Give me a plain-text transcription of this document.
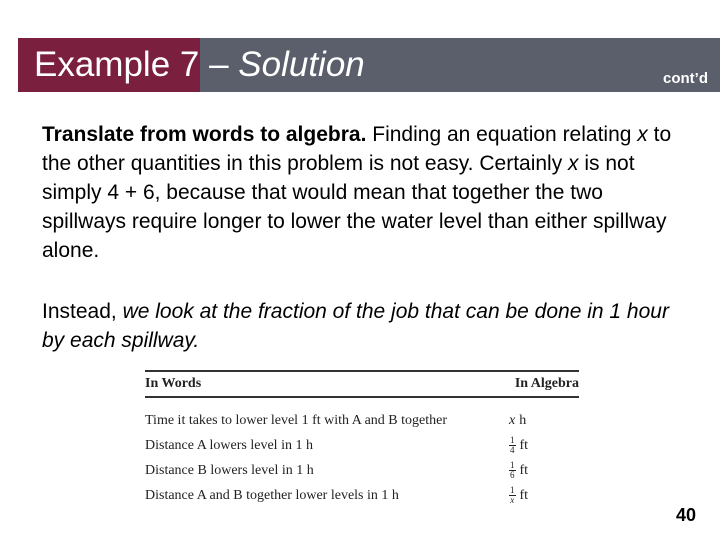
Example 7 – Solution	cont’d
Translate from words to algebra. Finding an equation relating x to the other quantities in this problem is not easy. Certainly x is not simply 4 + 6, because that would mean that together the two spillways require longer to lower the water level than either spillway alone.
Instead, we look at the fraction of the job that can be done in 1 hour by each spillway.
In Words	In Algebra
Time it takes to lower level 1 ft with A and B together	x h
Distance A lowers level in 1 h	$\frac{1}{4}$ ft
Distance B lowers level in 1 h	$\frac{1}{6}$ ft
Distance A and B together lower levels in 1 h	$\frac{1}{x}$ ft
40
